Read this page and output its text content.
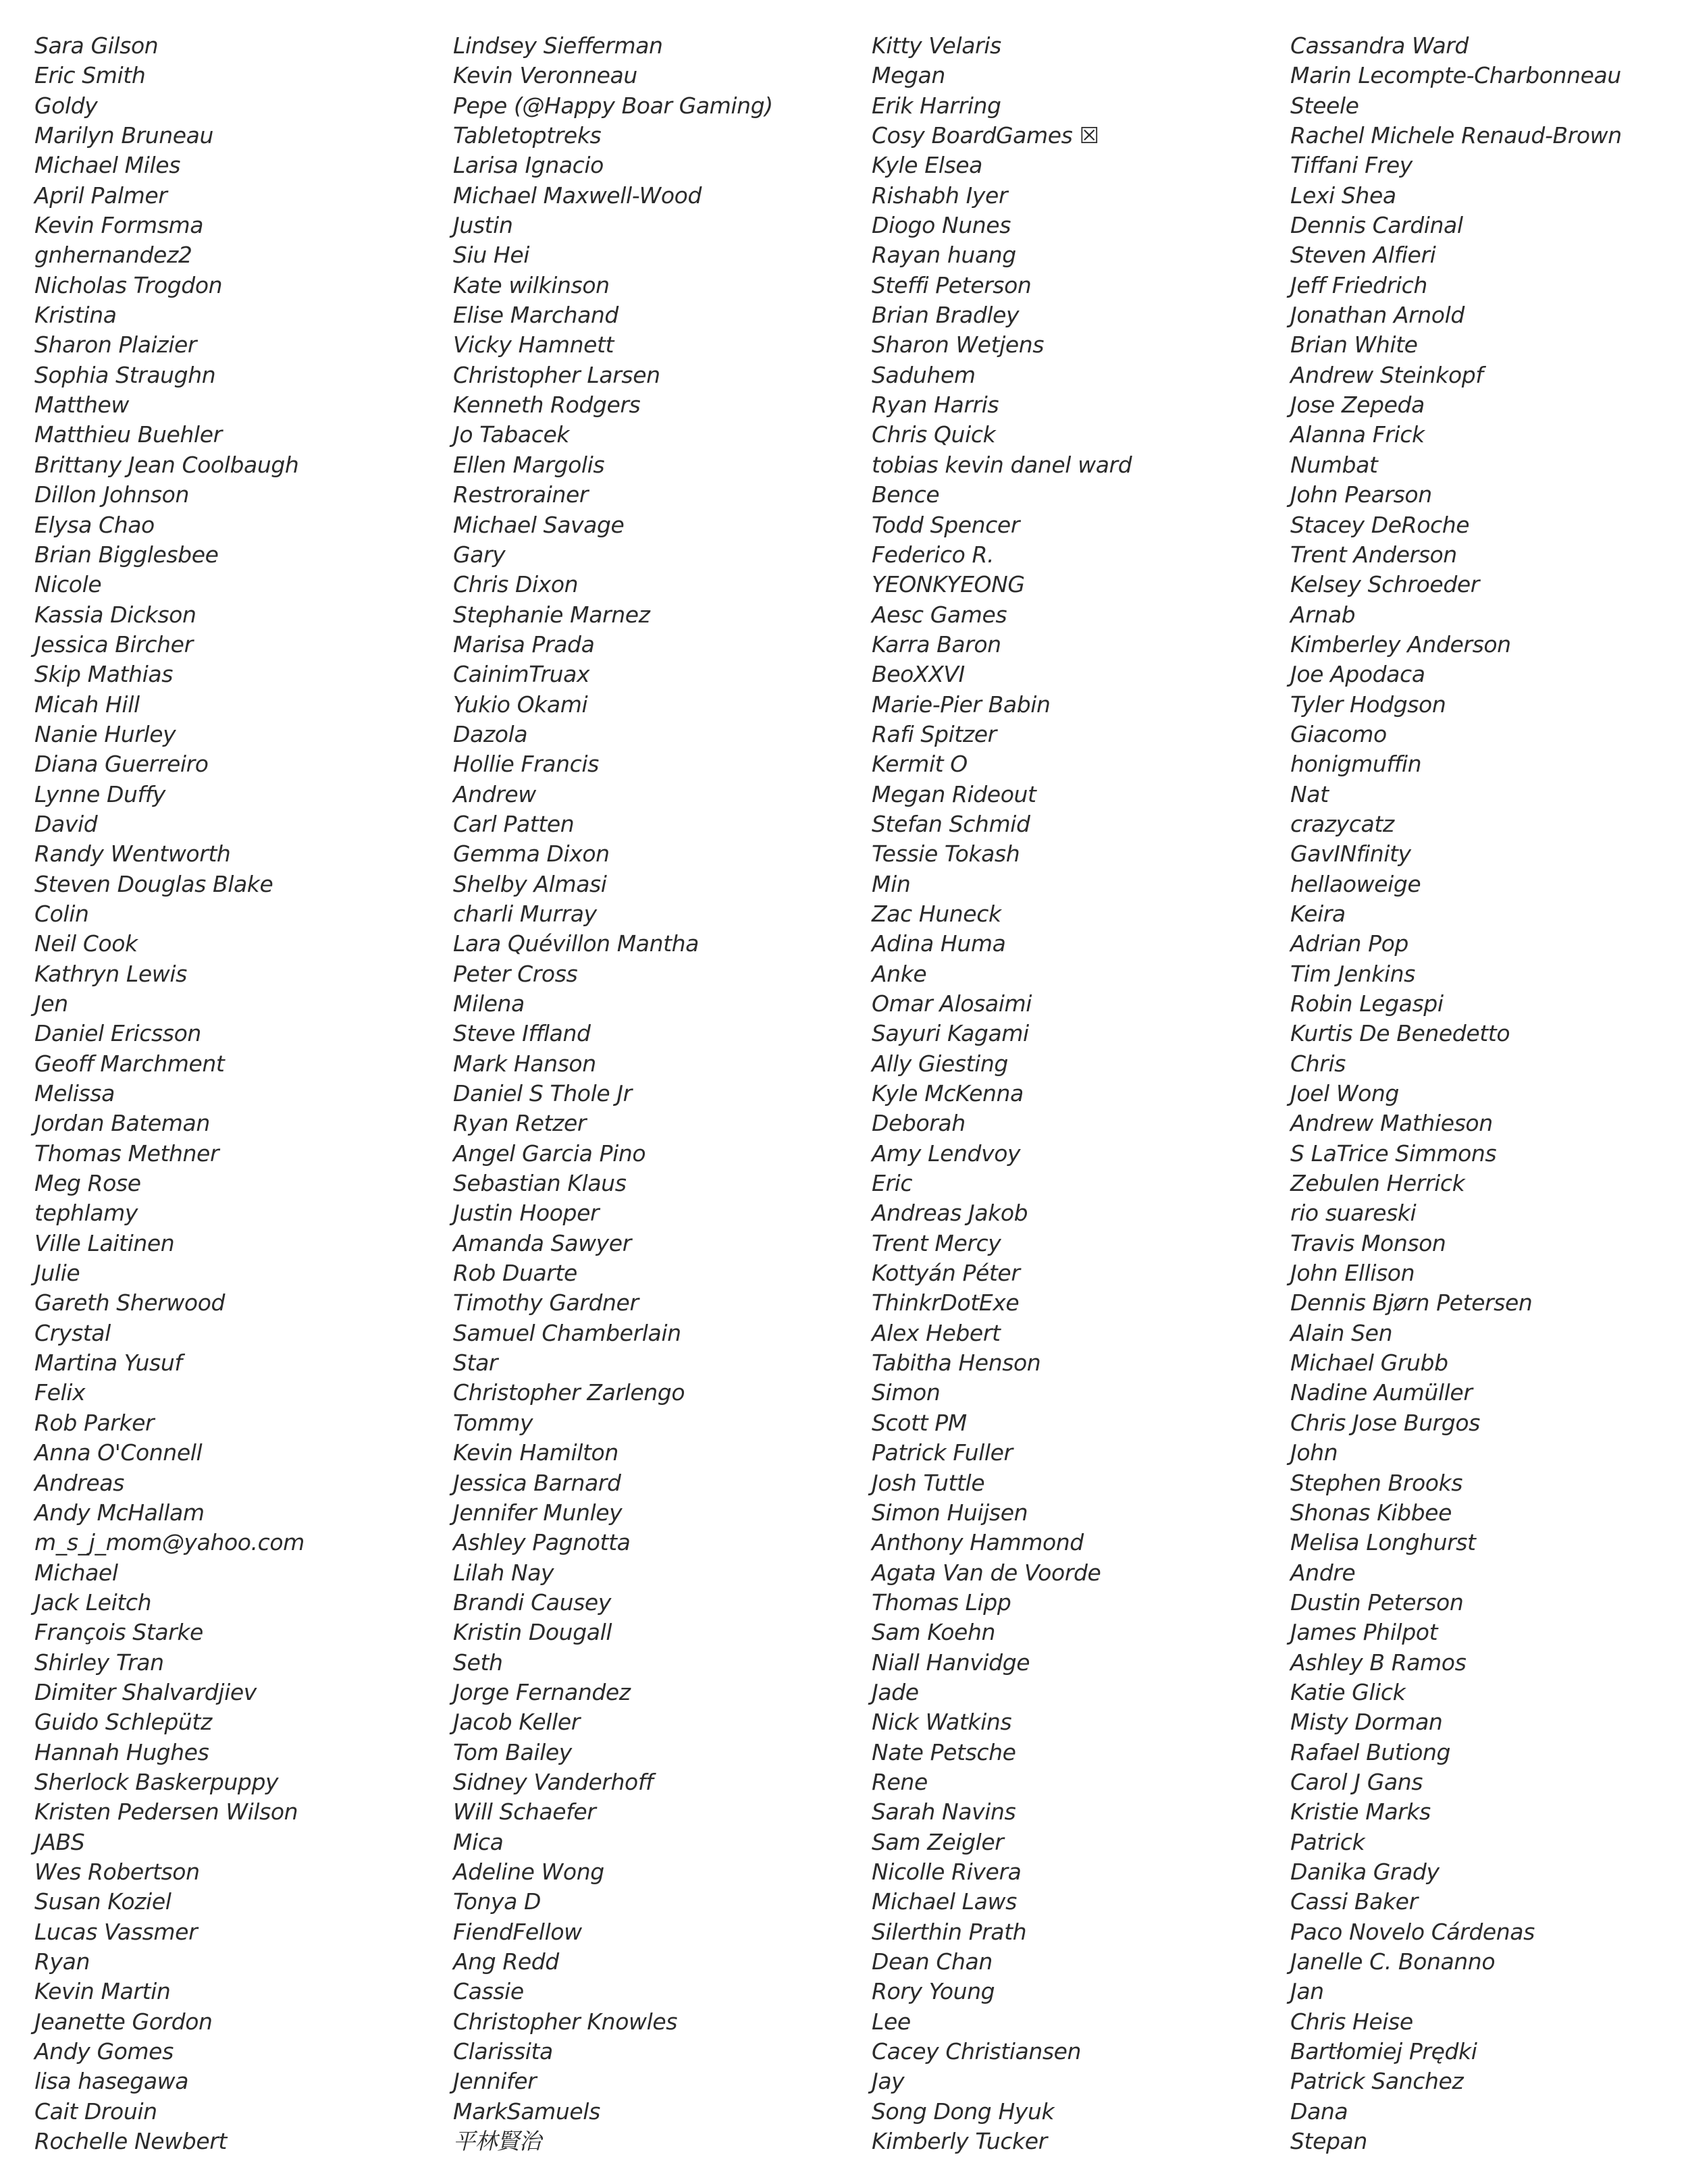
Sara Gilson
Eric Smith
Goldy
Marilyn Bruneau
Michael Miles
April Palmer
Kevin Formsma
gnhernandez2
Nicholas Trogdon
Kristina
Sharon Plaizier
Sophia Straughn
Matthew
Matthieu Buehler
Brittany Jean Coolbaugh
Dillon Johnson
Elysa Chao
Brian Bigglesbee
Nicole
Kassia Dickson
Jessica Bircher
Skip Mathias
Micah Hill
Nanie Hurley
Diana Guerreiro
Lynne Duffy
David
Randy Wentworth
Steven Douglas Blake
Colin
Neil Cook
Kathryn Lewis
Jen
Daniel Ericsson
Geoff Marchment
Melissa
Jordan Bateman
Thomas Methner
Meg Rose
tephlamy
Ville Laitinen
Julie
Gareth Sherwood
Crystal
Martina Yusuf
Felix
Rob Parker
Anna O'Connell
Andreas
Andy McHallam
m_s_j_mom@yahoo.com
Michael
Jack Leitch
François Starke
Shirley Tran
Dimiter Shalvardjiev
Guido Schlepütz
Hannah Hughes
Sherlock Baskerpuppy
Kristen Pedersen Wilson
JABS
Wes Robertson
Susan Koziel
Lucas Vassmer
Ryan
Kevin Martin
Jeanette Gordon
Andy Gomes
lisa hasegawa
Cait Drouin
Rochelle Newbert
Lindsey Siefferman
Kevin Veronneau
Pepe (@Happy Boar Gaming)
Tabletoptreks
Larisa Ignacio
Michael Maxwell-Wood
Justin
Siu Hei
Kate wilkinson
Elise Marchand
Vicky Hamnett
Christopher Larsen
Kenneth Rodgers
Jo Tabacek
Ellen Margolis
Restrorainer
Michael Savage
Gary
Chris Dixon
Stephanie Marnez
Marisa Prada
CainimTruax
Yukio Okami
Dazola
Hollie Francis
Andrew
Carl Patten
Gemma Dixon
Shelby Almasi
charli Murray
Lara Quévillon Mantha
Peter Cross
Milena
Steve Iffland
Mark Hanson
Daniel S Thole Jr
Ryan Retzer
Angel Garcia Pino
Sebastian Klaus
Justin Hooper
Amanda Sawyer
Rob Duarte
Timothy Gardner
Samuel Chamberlain
Star
Christopher Zarlengo
Tommy
Kevin Hamilton
Jessica Barnard
Jennifer Munley
Ashley Pagnotta
Lilah Nay
Brandi Causey
Kristin Dougall
Seth
Jorge Fernandez
Jacob Keller
Tom Bailey
Sidney Vanderhoff
Will Schaefer
Mica
Adeline Wong
Tonya D
FiendFellow
Ang Redd
Cassie
Christopher Knowles
Clarissita
Jennifer
MarkSamuels
平林賢治
Kitty Velaris
Megan
Erik Harring
Cosy BoardGames ☒
Kyle Elsea
Rishabh Iyer
Diogo Nunes
Rayan huang
Steffi Peterson
Brian Bradley
Sharon Wetjens
Saduhem
Ryan Harris
Chris Quick
tobias kevin danel ward
Bence
Todd Spencer
Federico R.
YEONKYEONG
Aesc Games
Karra Baron
BeoXXVI
Marie-Pier Babin
Rafi Spitzer
Kermit O
Megan Rideout
Stefan Schmid
Tessie Tokash
Min
Zac Huneck
Adina Huma
Anke
Omar Alosaimi
Sayuri Kagami
Ally Giesting
Kyle McKenna
Deborah
Amy Lendvoy
Eric
Andreas Jakob
Trent Mercy
Kottyán Péter
ThinkrDotExe
Alex Hebert
Tabitha Henson
Simon
Scott PM
Patrick Fuller
Josh Tuttle
Simon Huijsen
Anthony Hammond
Agata Van de Voorde
Thomas Lipp
Sam Koehn
Niall Hanvidge
Jade
Nick Watkins
Nate Petsche
Rene
Sarah Navins
Sam Zeigler
Nicolle Rivera
Michael Laws
Silerthin Prath
Dean Chan
Rory Young
Lee
Cacey Christiansen
Jay
Song Dong Hyuk
Kimberly Tucker
Cassandra Ward
Marin Lecompte-Charbonneau
Steele
Rachel Michele Renaud-Brown
Tiffani Frey
Lexi Shea
Dennis Cardinal
Steven Alfieri
Jeff Friedrich
Jonathan Arnold
Brian White
Andrew Steinkopf
Jose Zepeda
Alanna Frick
Numbat
John Pearson
Stacey DeRoche
Trent Anderson
Kelsey Schroeder
Arnab
Kimberley Anderson
Joe Apodaca
Tyler Hodgson
Giacomo
honigmuffin
Nat
crazycatz
GavINfinity
hellaoweige
Keira
Adrian Pop
Tim Jenkins
Robin Legaspi
Kurtis De Benedetto
Chris
Joel Wong
Andrew Mathieson
S LaTrice Simmons
Zebulen Herrick
rio suareski
Travis Monson
John Ellison
Dennis Bjørn Petersen
Alain Sen
Michael Grubb
Nadine Aumüller
Chris Jose Burgos
John
Stephen Brooks
Shonas Kibbee
Melisa Longhurst
Andre
Dustin Peterson
James Philpot
Ashley B Ramos
Katie Glick
Misty Dorman
Rafael Butiong
Carol J Gans
Kristie Marks
Patrick
Danika Grady
Cassi Baker
Paco Novelo Cárdenas
Janelle C. Bonanno
Jan
Chris Heise
Bartłomiej Prędki
Patrick Sanchez
Dana
Stepan
